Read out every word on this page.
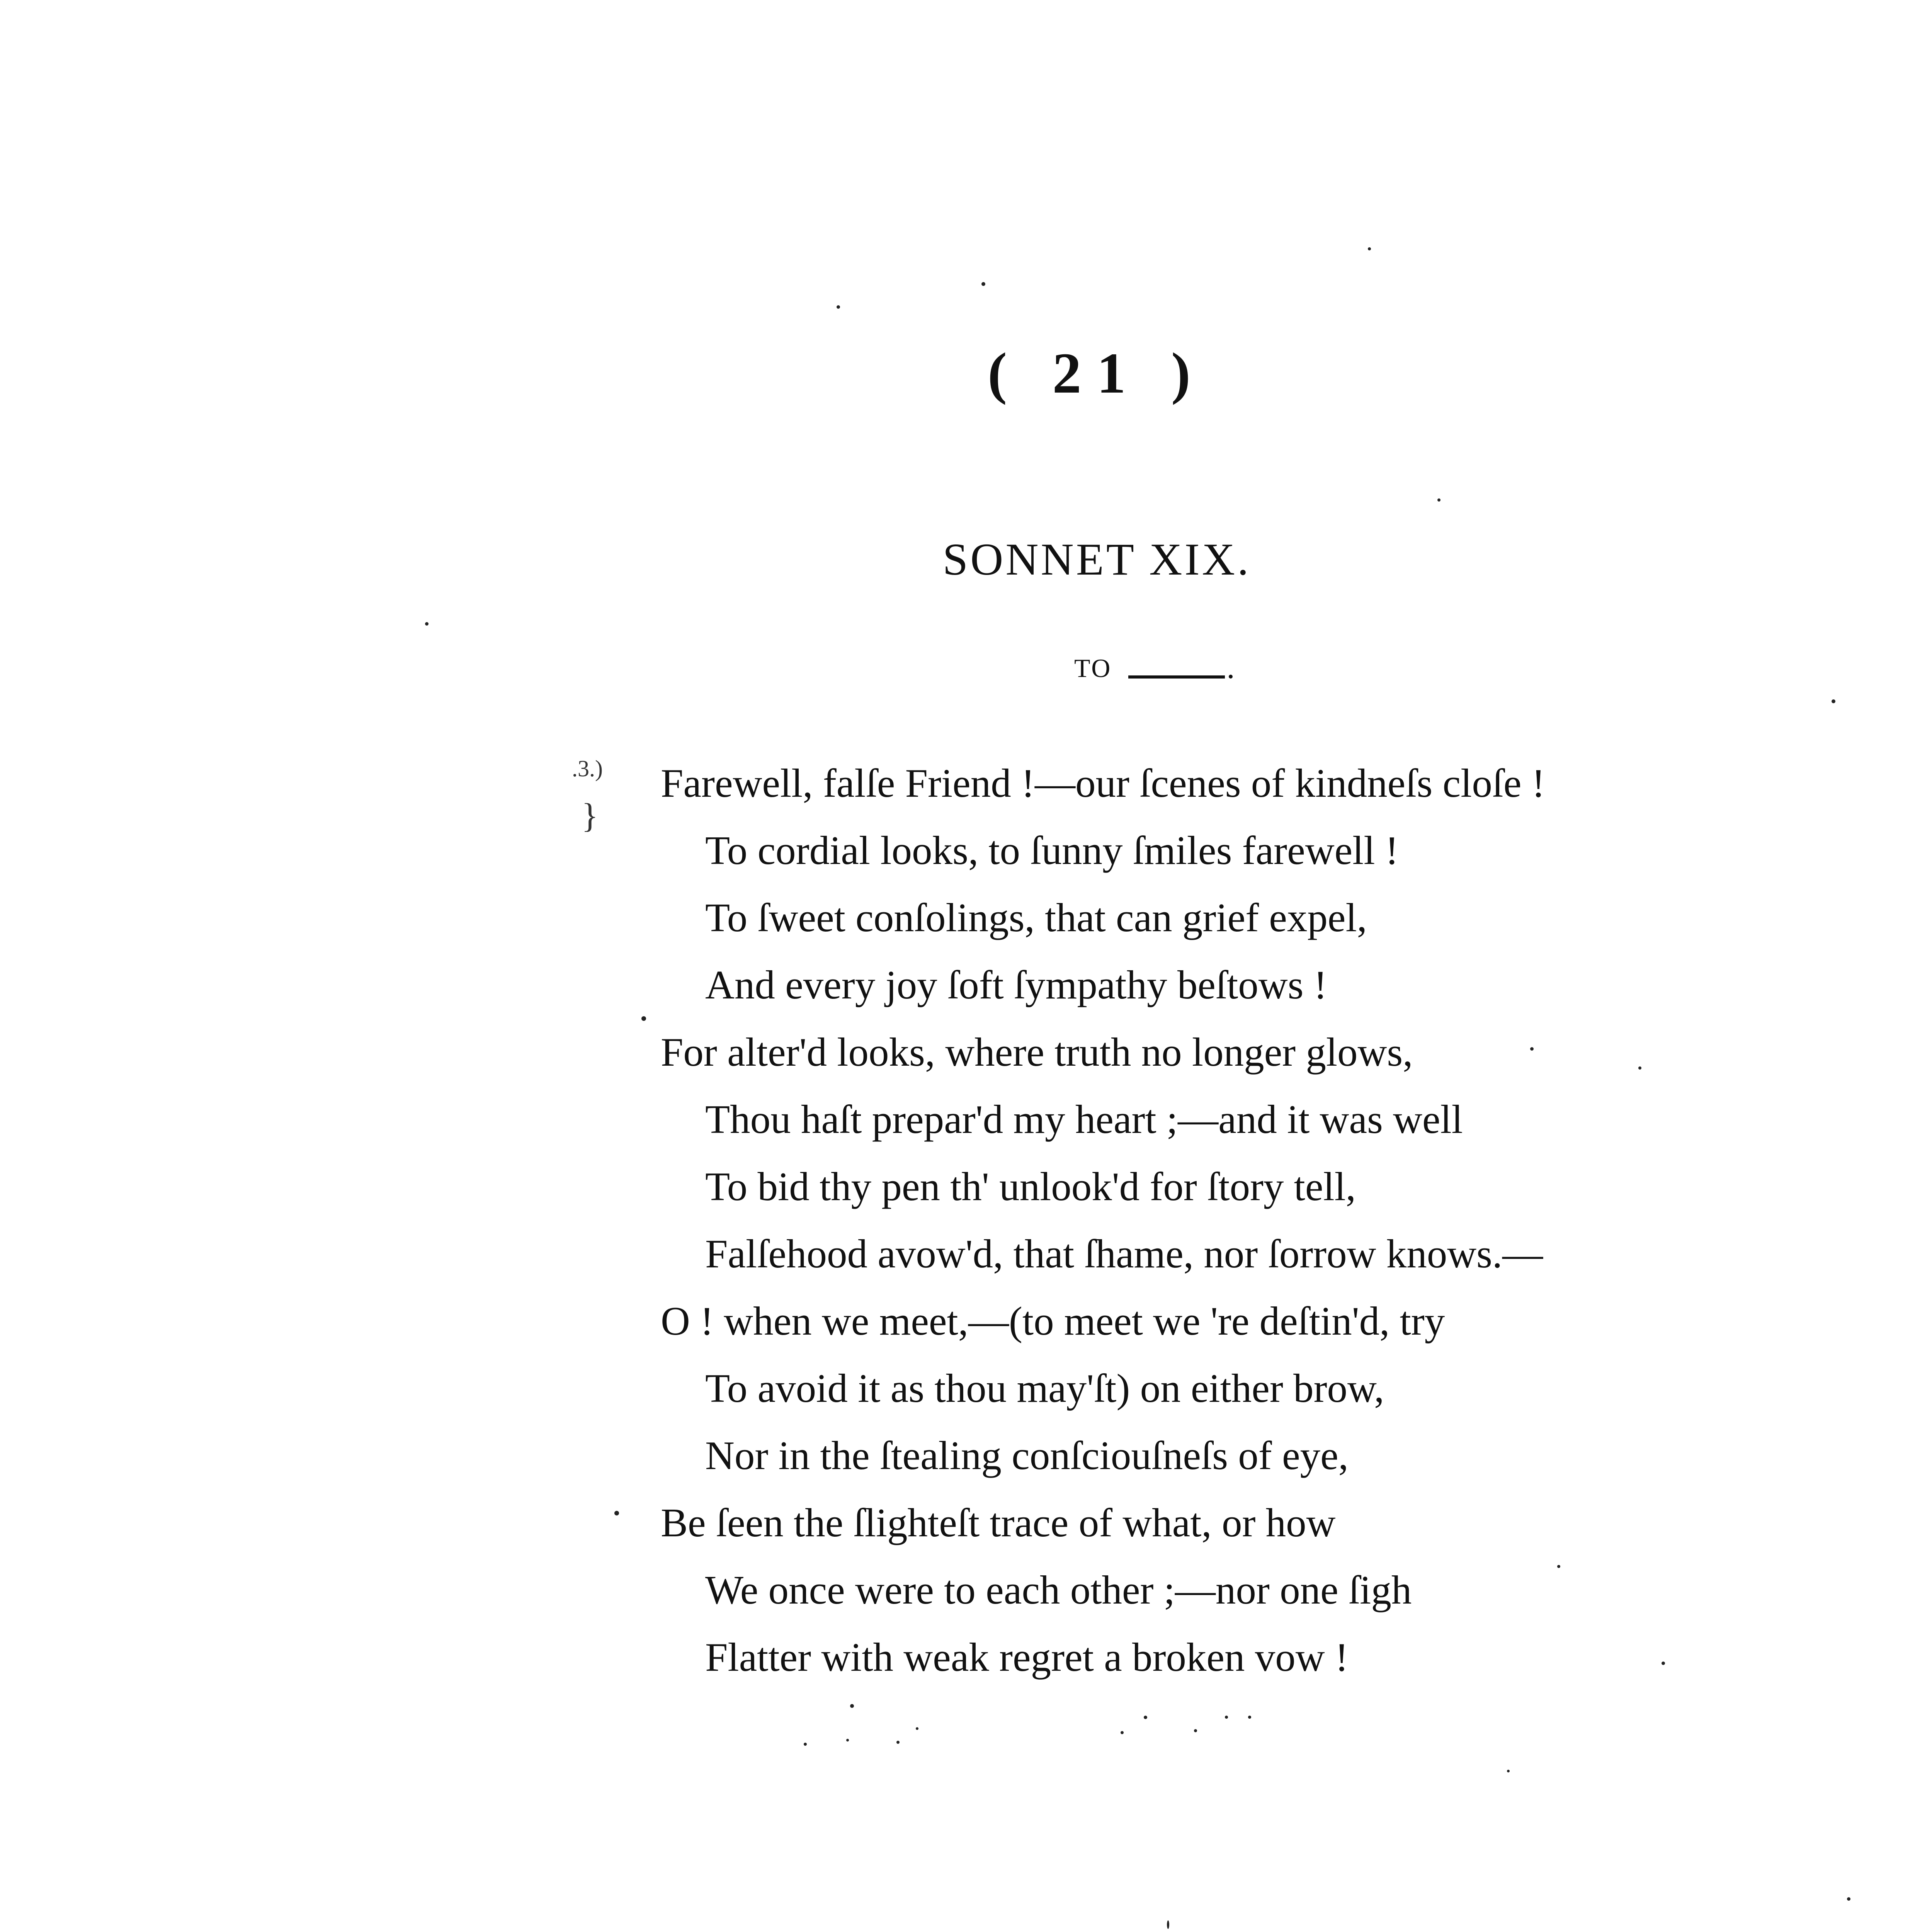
( 21 )
SONNET XIX.
TO
.3.)
}
Farewell, falſe Friend !—our ſcenes of kindneſs cloſe !
To cordial looks, to ſunny ſmiles farewell !
To ſweet conſolings, that can grief expel,
And every joy ſoft ſympathy beſtows !
For alter'd looks, where truth no longer glows,
Thou haſt prepar'd my heart ;—and it was well
To bid thy pen th' unlook'd for ſtory tell,
Falſehood avow'd, that ſhame, nor ſorrow knows.—
O ! when we meet,—(to meet we 're deſtin'd, try
To avoid it as thou may'ſt) on either brow,
Nor in the ſtealing conſciouſneſs of eye,
Be ſeen the ſlighteſt trace of what, or how
We once were to each other ;—nor one ſigh
Flatter with weak regret a broken vow !
